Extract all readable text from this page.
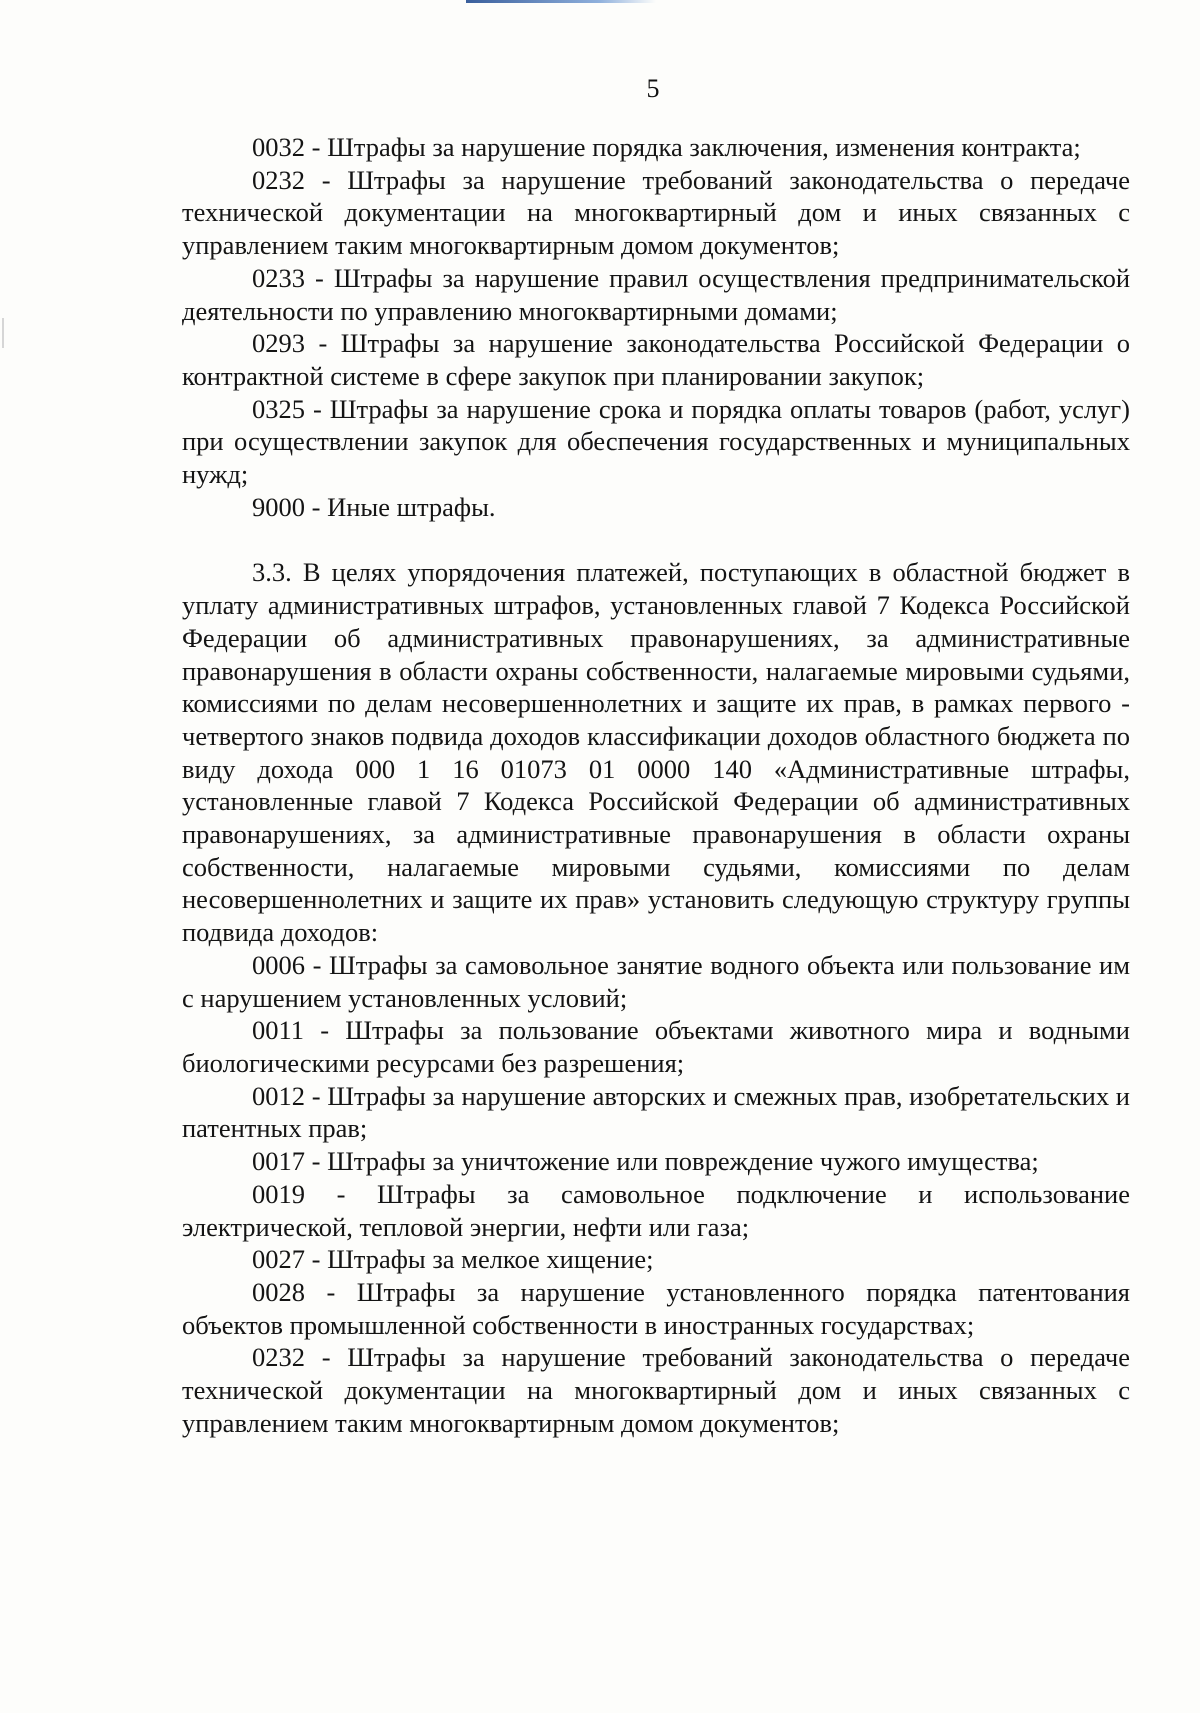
5

0032 - Штрафы за нарушение порядка заключения, изменения контракта;

0232 - Штрафы за нарушение требований законодательства о передаче технической документации на многоквартирный дом и иных связанных с управлением таким многоквартирным домом документов;

0233 - Штрафы за нарушение правил осуществления предпринимательской деятельности по управлению многоквартирными домами;

0293 - Штрафы за нарушение законодательства Российской Федерации о контрактной системе в сфере закупок при планировании закупок;

0325 - Штрафы за нарушение срока и порядка оплаты товаров (работ, услуг) при осуществлении закупок для обеспечения государственных и муниципальных нужд;

9000 - Иные штрафы.

3.3. В целях упорядочения платежей, поступающих в областной бюджет в уплату административных штрафов, установленных главой 7 Кодекса Российской Федерации об административных правонарушениях, за административные правонарушения в области охраны собственности, налагаемые мировыми судьями, комиссиями по делам несовершеннолетних и защите их прав, в рамках первого - четвертого знаков подвида доходов классификации доходов областного бюджета по виду дохода 000 1 16 01073 01 0000 140 «Административные штрафы, установленные главой 7 Кодекса Российской Федерации об административных правонарушениях, за административные правонарушения в области охраны собственности, налагаемые мировыми судьями, комиссиями по делам несовершеннолетних и защите их прав» установить следующую структуру группы подвида доходов:

0006 - Штрафы за самовольное занятие водного объекта или пользование им с нарушением установленных условий;

0011 - Штрафы за пользование объектами животного мира и водными биологическими ресурсами без разрешения;

0012 - Штрафы за нарушение авторских и смежных прав, изобретательских и патентных прав;

0017 - Штрафы за уничтожение или повреждение чужого имущества;

0019 - Штрафы за самовольное подключение и использование электрической, тепловой энергии, нефти или газа;

0027 - Штрафы за мелкое хищение;

0028 - Штрафы за нарушение установленного порядка патентования объектов промышленной собственности в иностранных государствах;

0232 - Штрафы за нарушение требований законодательства о передаче технической документации на многоквартирный дом и иных связанных с управлением таким многоквартирным домом документов;
